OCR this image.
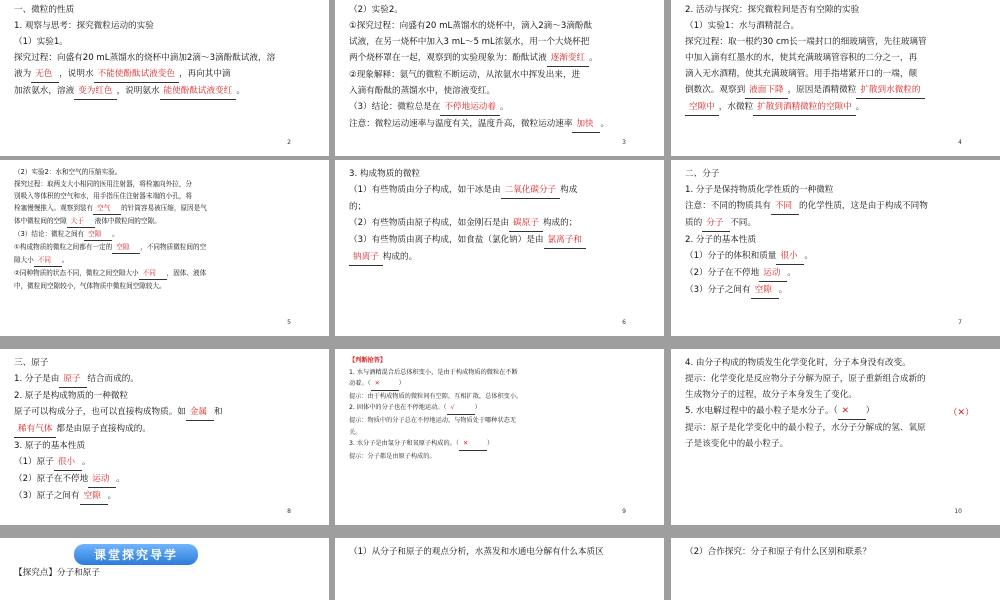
一、微粒的性质
1. 观察与思考：探究微粒运动的实验
（1）实验1。
探究过程：向盛有20 mL蒸馏水的烧杯中滴加2滴～3滴酚酞试液，溶
液为 无色 ，说明水 不能使酚酞试液变色 ，再向其中滴
加浓氨水，溶液 变为红色 ，说明氨水 能使酚酞试液变红 。
2
（2）实验2。
①探究过程：向盛有20 mL蒸馏水的烧杯中，滴入2滴～3滴酚酞
试液，在另一烧杯中加入3 mL～5 mL浓氨水，用一个大烧杯把
两个烧杯罩在一起，观察到的实验现象为：酚酞试液 逐渐变红 。
②现象解释：氨气的微粒不断运动，从浓氨水中挥发出来，进
入滴有酚酞的蒸馏水中，使溶液变红。
（3）结论：微粒总是在 不停地运动着 。
注意：微粒运动速率与温度有关，温度升高，微粒运动速率 加快 。
3
2. 活动与探究：探究微粒间是否有空隙的实验
（1）实验1：水与酒精混合。
探究过程：取一根约30 cm长一端封口的细玻璃管，先往玻璃管
中加入滴有红墨水的水，使其充满玻璃管容积的二分之一，再
滴入无水酒精，使其充满玻璃管。用手指堵紧开口的一端，颠
倒数次。观察到 液面下降 ，原因是酒精微粒 扩散到水微粒的
空隙中 ，水微粒 扩散到酒精微粒的空隙中 。
4
（2）实验2：水和空气的压缩实验。
探究过程：取两支大小相同的医用注射器，将栓塞向外拉，分
别吸入等体积的空气和水，用手指压住注射器末端的小孔，将
栓塞慢慢推入。观察到装有 空气 的针筒容易被压缩，原因是气
体中微粒间的空隙 大于 液体中微粒间的空隙。
（3）结论：微粒之间有 空隙 。
①构成物质的微粒之间都有一定的 空隙 ，不同物质微粒间的空
隙大小 不同 。
②同种物质的状态不同，微粒之间空隙大小 不同 ，固体、液体
中，微粒间空隙较小，气体物质中微粒间空隙较大。
5
3. 构成物质的微粒
（1）有些物质由分子构成，如干冰是由 二氧化碳分子 构成
的；
（2）有些物质由原子构成，如金刚石是由 碳原子 构成的；
（3）有些物质由离子构成，如食盐（氯化钠）是由 氯离子和
钠离子 构成的。
6
二、分子
1. 分子是保持物质化学性质的一种微粒
注意：不同的物质具有 不同 的化学性质，这是由于构成不同物
质的 分子 不同。
2. 分子的基本性质
（1）分子的体积和质量 很小 。
（2）分子在不停地 运动 。
（3）分子之间有 空隙 。
7
三、原子
1. 分子是由 原子 结合而成的。
2. 原子是构成物质的一种微粒
原子可以构成分子，也可以直接构成物质。如 金属 和
稀有气体 都是由原子直接构成的。
3. 原子的基本性质
（1）原子 很小 。
（2）原子在不停地 运动 。
（3）原子之间有 空隙 。
8
【判断抢答】
1. 水与酒精混合后总体积变小，是由于构成物质的微粒在不断
动着。（ ✕	）
提示：由于构成物质的微粒间有空隙，互相扩散，总体积变小。
2. 固体中的分子也在不停地运动。（ √	）
提示：物质中的分子总在不停地运动，与物质处于哪种状态无
关。
3. 水分子是由氢分子和氧原子构成的。（ ✕	）
提示：分子都是由原子构成的。
9
（✕）
4. 由分子构成的物质发生化学变化时，分子本身没有改变。
提示：化学变化是反应物分子分解为原子，原子重新组合成新的
生成物分子的过程，故分子本身发生了变化。
5. 水电解过程中的最小粒子是水分子。（ ✕ ）
提示：原子是化学变化中的最小粒子，水分子分解成的氢、氧原
子是该变化中的最小粒子。
10
课堂探究导学
【探究点】分子和原子
（1）从分子和原子的观点分析，水蒸发和水通电分解有什么本质区	（2）合作探究：分子和原子有什么区别和联系？
